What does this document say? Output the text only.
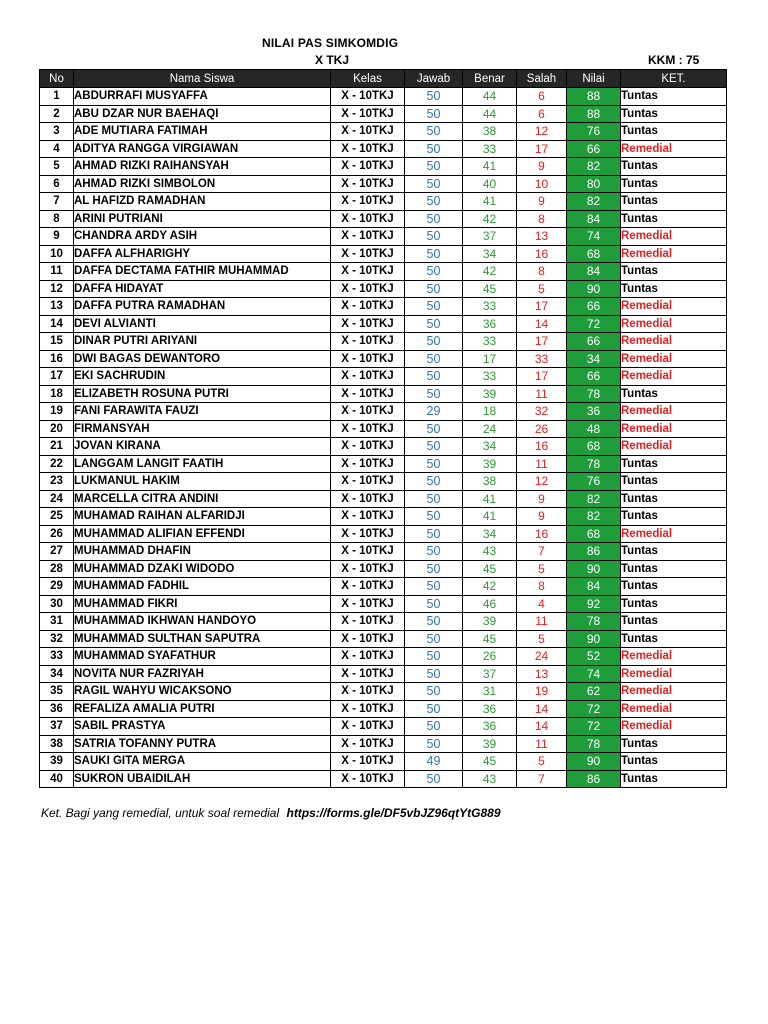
NILAI PAS SIMKOMDIG
X TKJ	KKM : 75
No	Nama Siswa	Kelas	Jawab	Benar	Salah	Nilai	KET.
1	ABDURRAFI MUSYAFFA	X - 10TKJ	50	44	6	88	Tuntas
2	ABU DZAR NUR BAEHAQI	X - 10TKJ	50	44	6	88	Tuntas
3	ADE MUTIARA FATIMAH	X - 10TKJ	50	38	12	76	Tuntas
4	ADITYA RANGGA VIRGIAWAN	X - 10TKJ	50	33	17	66	Remedial
5	AHMAD RIZKI RAIHANSYAH	X - 10TKJ	50	41	9	82	Tuntas
6	AHMAD RIZKI SIMBOLON	X - 10TKJ	50	40	10	80	Tuntas
7	AL HAFIZD RAMADHAN	X - 10TKJ	50	41	9	82	Tuntas
8	ARINI PUTRIANI	X - 10TKJ	50	42	8	84	Tuntas
9	CHANDRA ARDY ASIH	X - 10TKJ	50	37	13	74	Remedial
10	DAFFA ALFHARIGHY	X - 10TKJ	50	34	16	68	Remedial
11	DAFFA DECTAMA FATHIR MUHAMMAD	X - 10TKJ	50	42	8	84	Tuntas
12	DAFFA HIDAYAT	X - 10TKJ	50	45	5	90	Tuntas
13	DAFFA PUTRA RAMADHAN	X - 10TKJ	50	33	17	66	Remedial
14	DEVI ALVIANTI	X - 10TKJ	50	36	14	72	Remedial
15	DINAR PUTRI ARIYANI	X - 10TKJ	50	33	17	66	Remedial
16	DWI BAGAS DEWANTORO	X - 10TKJ	50	17	33	34	Remedial
17	EKI SACHRUDIN	X - 10TKJ	50	33	17	66	Remedial
18	ELIZABETH ROSUNA PUTRI	X - 10TKJ	50	39	11	78	Tuntas
19	FANI FARAWITA FAUZI	X - 10TKJ	29	18	32	36	Remedial
20	FIRMANSYAH	X - 10TKJ	50	24	26	48	Remedial
21	JOVAN KIRANA	X - 10TKJ	50	34	16	68	Remedial
22	LANGGAM LANGIT FAATIH	X - 10TKJ	50	39	11	78	Tuntas
23	LUKMANUL HAKIM	X - 10TKJ	50	38	12	76	Tuntas
24	MARCELLA CITRA ANDINI	X - 10TKJ	50	41	9	82	Tuntas
25	MUHAMAD RAIHAN ALFARIDJI	X - 10TKJ	50	41	9	82	Tuntas
26	MUHAMMAD ALIFIAN EFFENDI	X - 10TKJ	50	34	16	68	Remedial
27	MUHAMMAD DHAFIN	X - 10TKJ	50	43	7	86	Tuntas
28	MUHAMMAD DZAKI WIDODO	X - 10TKJ	50	45	5	90	Tuntas
29	MUHAMMAD FADHIL	X - 10TKJ	50	42	8	84	Tuntas
30	MUHAMMAD FIKRI	X - 10TKJ	50	46	4	92	Tuntas
31	MUHAMMAD IKHWAN HANDOYO	X - 10TKJ	50	39	11	78	Tuntas
32	MUHAMMAD SULTHAN SAPUTRA	X - 10TKJ	50	45	5	90	Tuntas
33	MUHAMMAD SYAFATHUR	X - 10TKJ	50	26	24	52	Remedial
34	NOVITA NUR FAZRIYAH	X - 10TKJ	50	37	13	74	Remedial
35	RAGIL WAHYU WICAKSONO	X - 10TKJ	50	31	19	62	Remedial
36	REFALIZA AMALIA PUTRI	X - 10TKJ	50	36	14	72	Remedial
37	SABIL PRASTYA	X - 10TKJ	50	36	14	72	Remedial
38	SATRIA TOFANNY PUTRA	X - 10TKJ	50	39	11	78	Tuntas
39	SAUKI GITA MERGA	X - 10TKJ	49	45	5	90	Tuntas
40	SUKRON UBAIDILAH	X - 10TKJ	50	43	7	86	Tuntas
Ket. Bagi yang remedial, untuk soal remedial https://forms.gle/DF5vbJZ96qtYtG889
